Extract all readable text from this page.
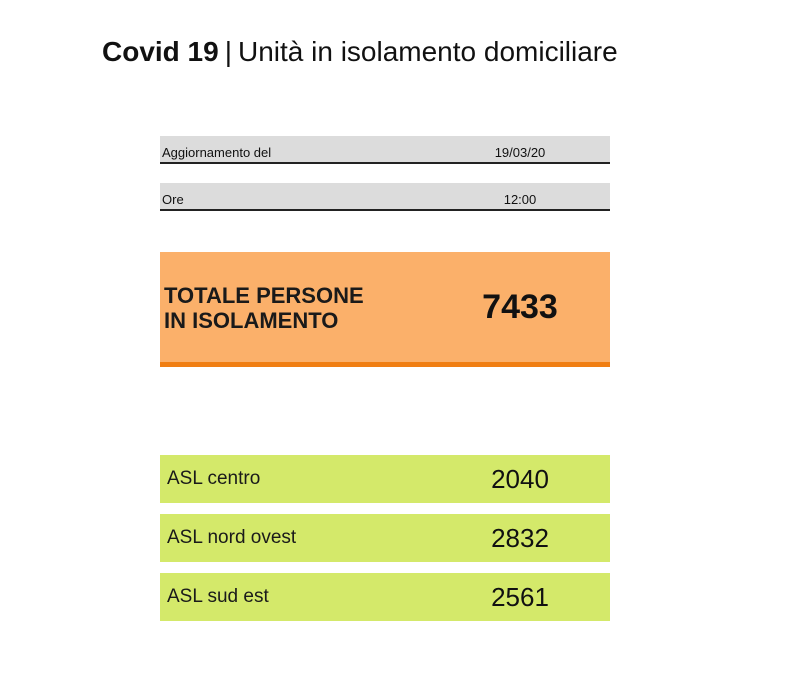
Covid 19 | Unità in isolamento domiciliare
Aggiornamento del	19/03/20
Ore	12:00
TOTALE PERSONE
IN ISOLAMENTO	7433
ASL centro	2040
ASL nord ovest	2832
ASL sud est	2561
